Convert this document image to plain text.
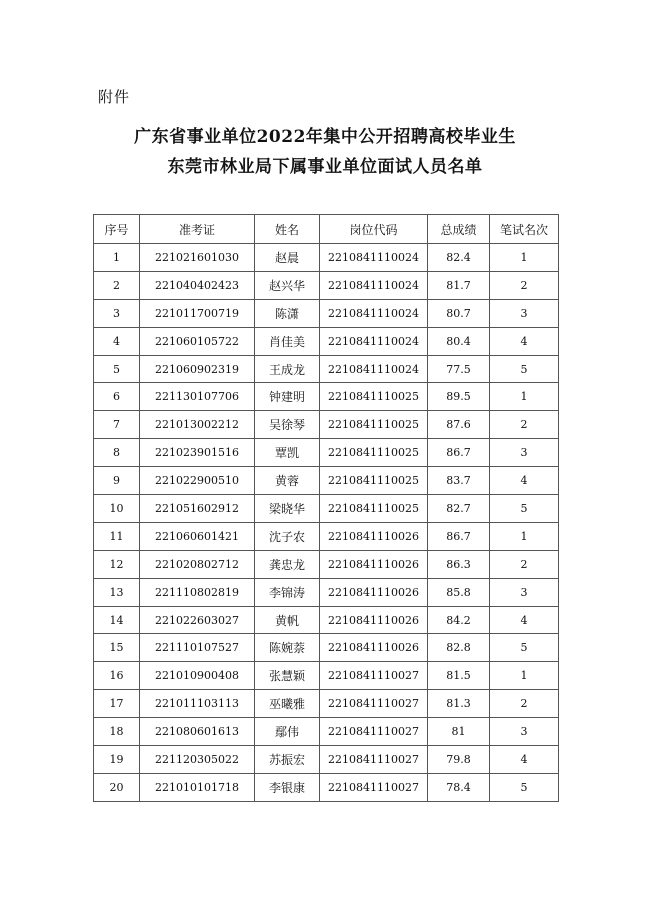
附件
广东省事业单位2022年集中公开招聘高校毕业生
东莞市林业局下属事业单位面试人员名单
序号	准考证	姓名	岗位代码	总成绩	笔试名次
1	221021601030	赵晨	2210841110024	82.4	1
2	221040402423	赵兴华	2210841110024	81.7	2
3	221011700719	陈潇	2210841110024	80.7	3
4	221060105722	肖佳美	2210841110024	80.4	4
5	221060902319	王成龙	2210841110024	77.5	5
6	221130107706	钟建明	2210841110025	89.5	1
7	221013002212	吴徐琴	2210841110025	87.6	2
8	221023901516	覃凯	2210841110025	86.7	3
9	221022900510	黄蓉	2210841110025	83.7	4
10	221051602912	梁晓华	2210841110025	82.7	5
11	221060601421	沈子农	2210841110026	86.7	1
12	221020802712	龚忠龙	2210841110026	86.3	2
13	221110802819	李锦涛	2210841110026	85.8	3
14	221022603027	黄帆	2210841110026	84.2	4
15	221110107527	陈婉萘	2210841110026	82.8	5
16	221010900408	张慧颖	2210841110027	81.5	1
17	221011103113	巫曦雅	2210841110027	81.3	2
18	221080601613	鄢伟	2210841110027	81	3
19	221120305022	苏振宏	2210841110027	79.8	4
20	221010101718	李银康	2210841110027	78.4	5
